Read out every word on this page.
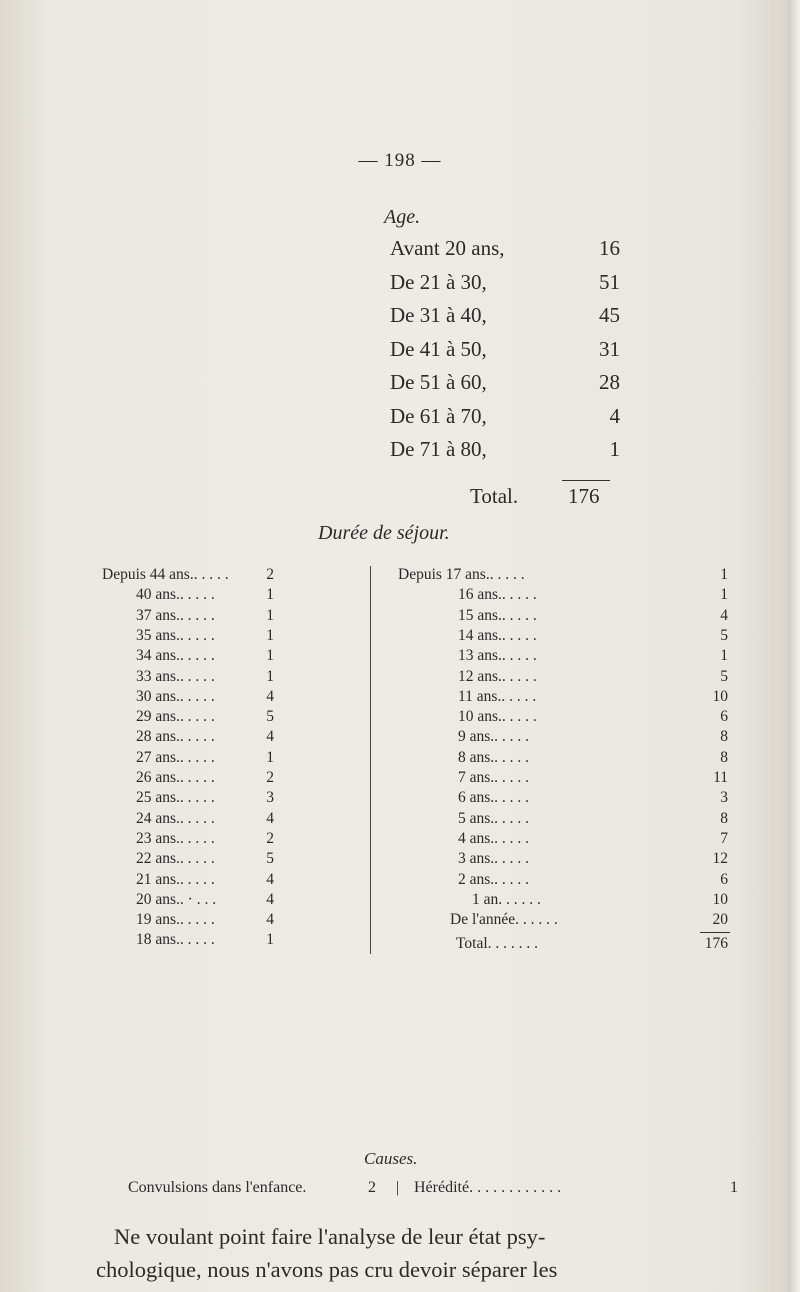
— 198 —
Age.
Avant 20 ans,	16
De 21 à 30,	51
De 31 à 40,	45
De 41 à 50,	31
De 51 à 60,	28
De 61 à 70,	4
De 71 à 80,	1
Total. 176
Durée de séjour.
Depuis 44 ans.. . . . . 2
40 ans.. . . . .	1
37 ans.. . . . .	1
35 ans.. . . . .	1
34 ans.. . . . .	1
33 ans.. . . . .	1
30 ans.. . . . .	4
29 ans.. . . . .	5
28 ans.. . . . .	4
27 ans.. . . . .	1
26 ans.. . . . .	2
25 ans.. . . . .	3
24 ans.. . . . .	4
23 ans.. . . . .	2
22 ans.. . . . .	5
21 ans.. . . . .	4
20 ans.. · . . .	4
19 ans.. . . . .	4
18 ans.. . . . .	1
Depuis 17 ans.. . . . .	1
16 ans.. . . . .	1
15 ans.. . . . .	4
14 ans.. . . . .	5
13 ans.. . . . .	1
12 ans.. . . . .	5
11 ans.. . . . .	10
10 ans.. . . . .	6
9 ans.. . . . .	8
8 ans.. . . . .	8
7 ans.. . . . .	11
6 ans.. . . . .	3
5 ans.. . . . .	8
4 ans.. . . . .	7
3 ans.. . . . .	12
2 ans.. . . . .	6
1 an. . . . . .	10
De l'année. . . . . .	20
Total. . . . . . .	176
Causes.
Convulsions dans l'enfance.	2 | Hérédité. . . . . . . . . . . .	1
Ne voulant point faire l'analyse de leur état psy-
chologique, nous n'avons pas cru devoir séparer les
